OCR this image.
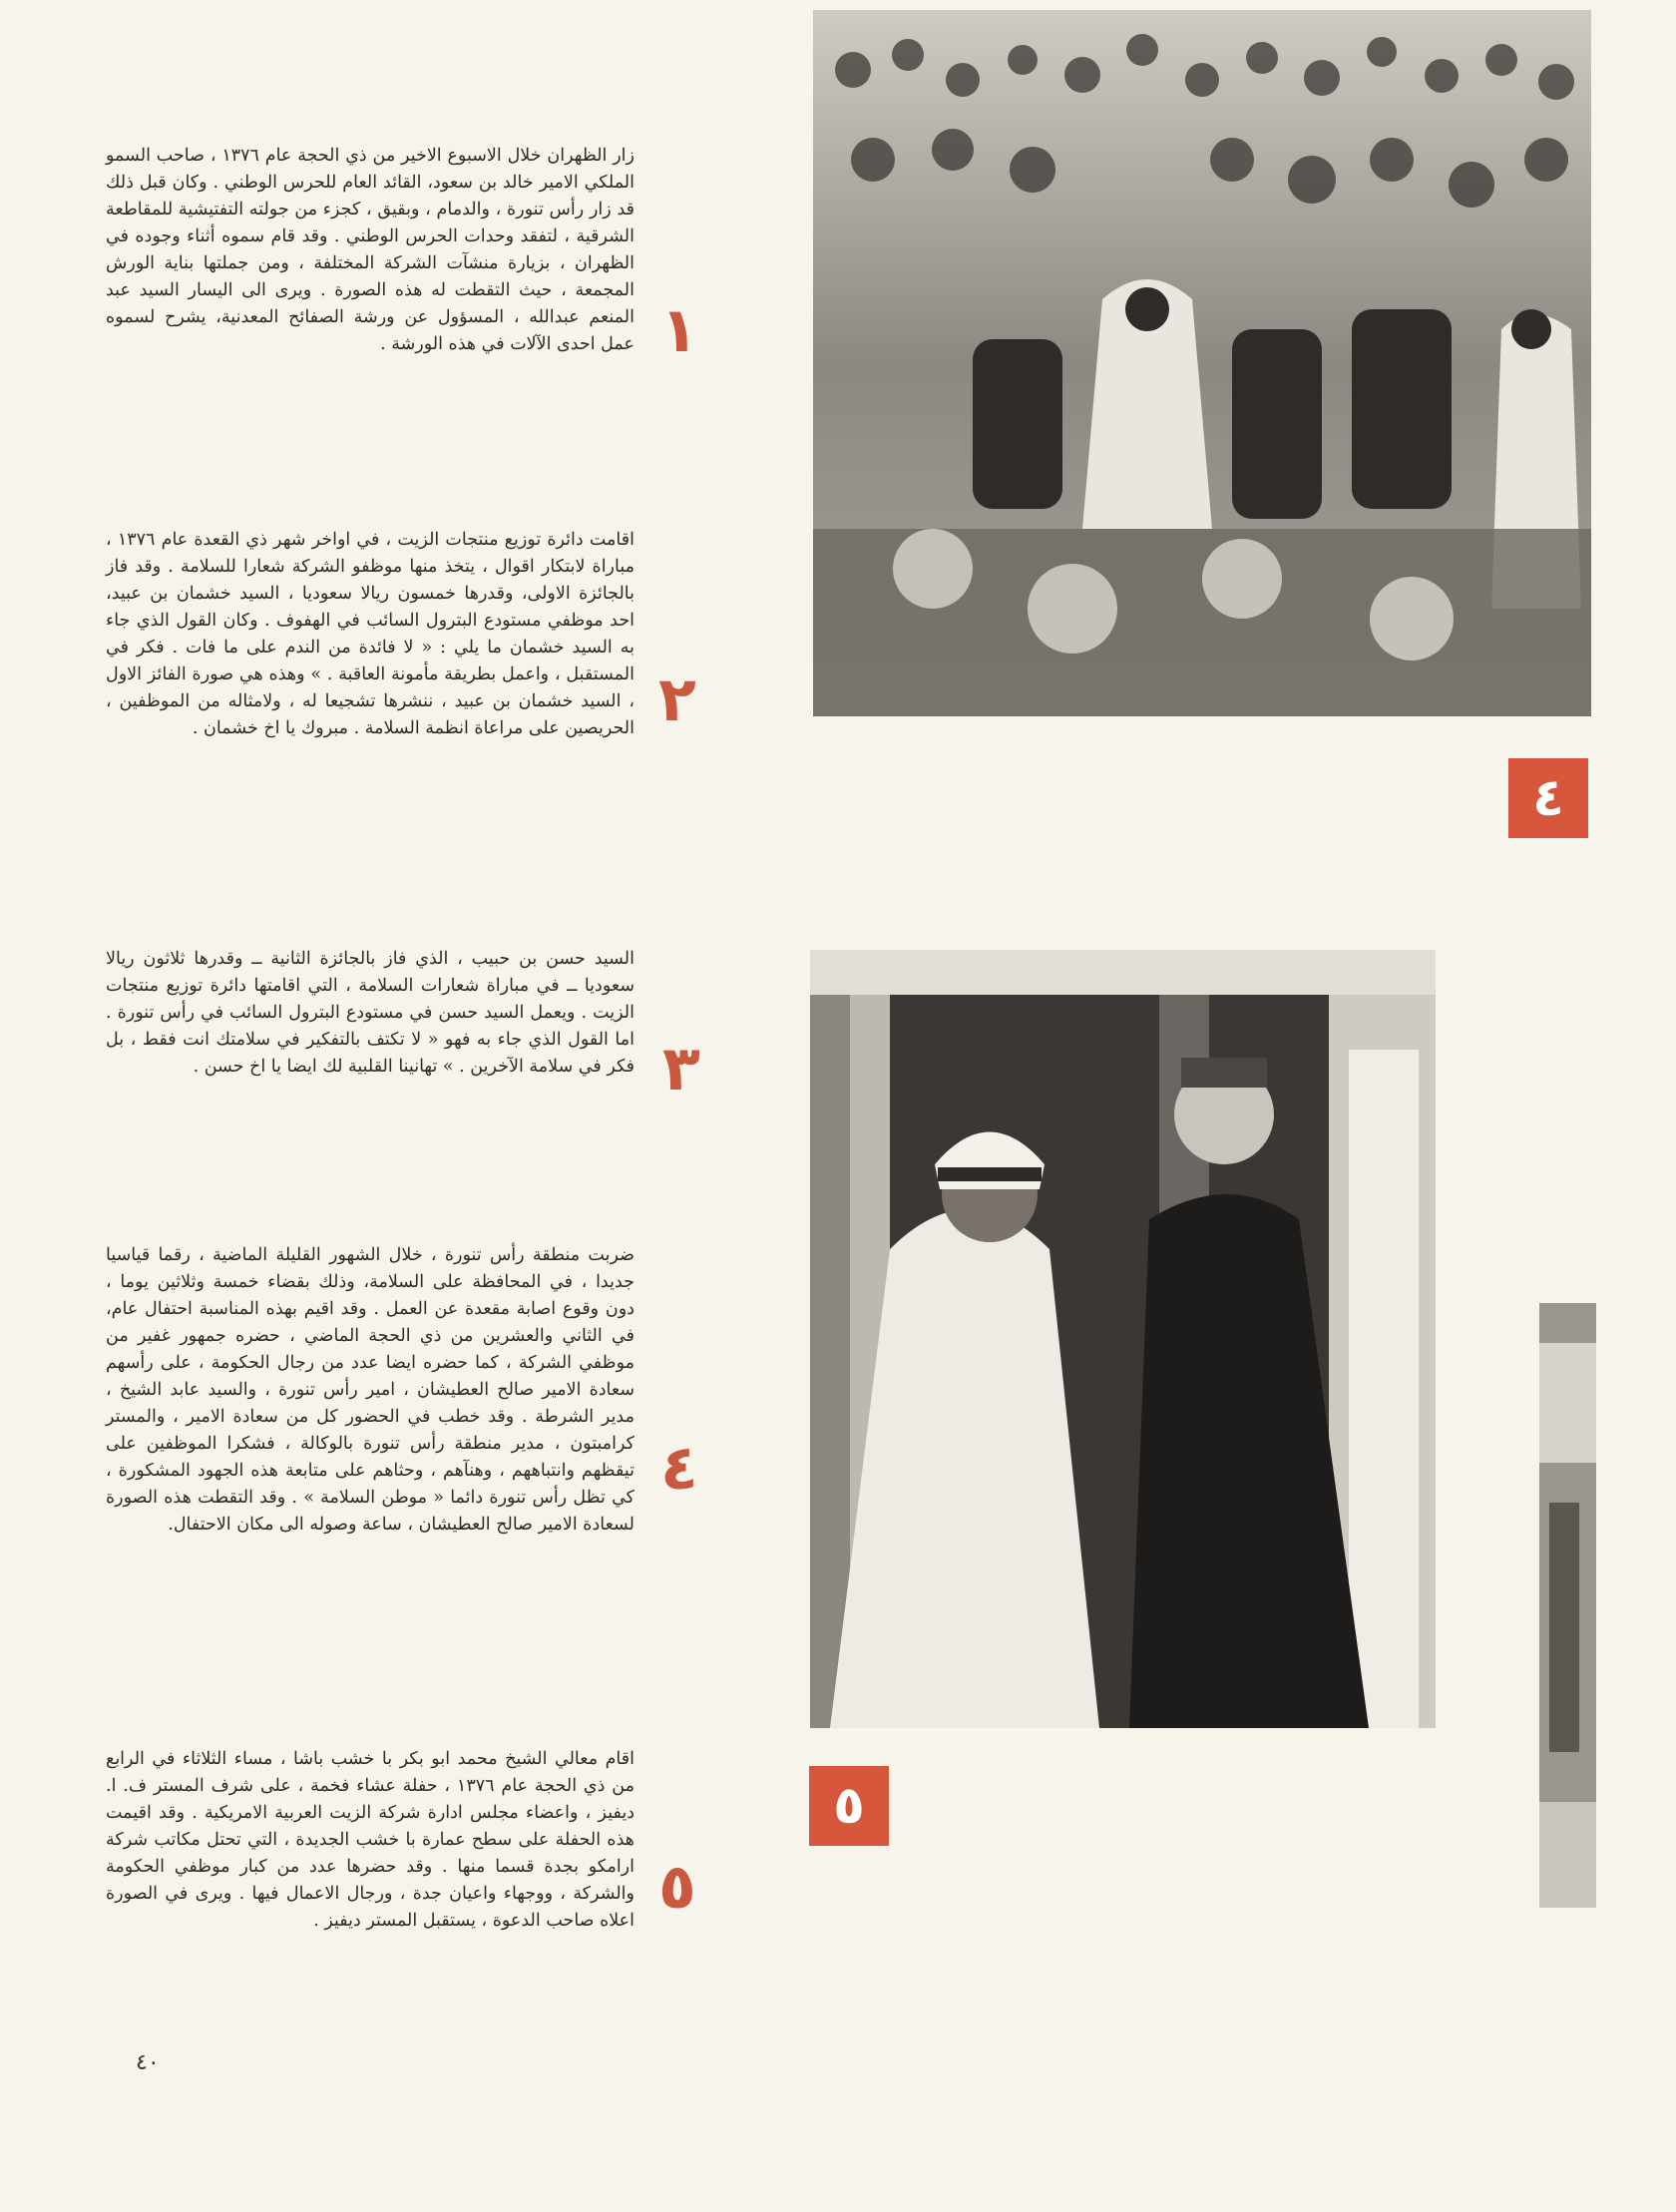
٤
٥
١

زار الظهران خلال الاسبوع الاخير من ذي الحجة عام ١٣٧٦ ، صاحب السمو الملكي الامير خالد بن سعود، القائد العام للحرس الوطني . وكان قبل ذلك قد زار رأس تنورة ، والدمام ، وبقيق ، كجزء من جولته التفتيشية للمقاطعة الشرقية ، لتفقد وحدات الحرس الوطني . وقد قام سموه أثناء وجوده في الظهران ، بزيارة منشآت الشركة المختلفة ، ومن جملتها بناية الورش المجمعة ، حيث التقطت له هذه الصورة . ويرى الى اليسار السيد عبد المنعم عبدالله ، المسؤول عن ورشة الصفائح المعدنية، يشرح لسموه عمل احدى الآلات في هذه الورشة .

٢

اقامت دائرة توزيع منتجات الزيت ، في اواخر شهر ذي القعدة عام ١٣٧٦ ، مباراة لابتكار اقوال ، يتخذ منها موظفو الشركة شعارا للسلامة . وقد فاز بالجائزة الاولى، وقدرها خمسون ريالا سعوديا ، السيد خشمان بن عبيد، احد موظفي مستودع البترول السائب في الهفوف . وكان القول الذي جاء به السيد خشمان ما يلي : « لا فائدة من الندم على ما فات . فكر في المستقبل ، واعمل بطريقة مأمونة العاقبة . » وهذه هي صورة الفائز الاول ، السيد خشمان بن عبيد ، ننشرها تشجيعا له ، ولامثاله من الموظفين ، الحريصين على مراعاة انظمة السلامة . مبروك يا اخ خشمان .

٣

السيد حسن بن حبيب ، الذي فاز بالجائزة الثانية ــ وقدرها ثلاثون ريالا سعوديا ــ في مباراة شعارات السلامة ، التي اقامتها دائرة توزيع منتجات الزيت . ويعمل السيد حسن في مستودع البترول السائب في رأس تنورة . اما القول الذي جاء به فهو « لا تكتف بالتفكير في سلامتك انت فقط ، بل فكر في سلامة الآخرين . » تهانينا القلبية لك ايضا يا اخ حسن .

٤

ضربت منطقة رأس تنورة ، خلال الشهور القليلة الماضية ، رقما قياسيا جديدا ، في المحافظة على السلامة، وذلك بقضاء خمسة وثلاثين يوما ، دون وقوع اصابة مقعدة عن العمل . وقد اقيم بهذه المناسبة احتفال عام، في الثاني والعشرين من ذي الحجة الماضي ، حضره جمهور غفير من موظفي الشركة ، كما حضره ايضا عدد من رجال الحكومة ، على رأسهم سعادة الامير صالح العطيشان ، امير رأس تنورة ، والسيد عابد الشيخ ، مدير الشرطة . وقد خطب في الحضور كل من سعادة الامير ، والمستر كرامبتون ، مدير منطقة رأس تنورة بالوكالة ، فشكرا الموظفين على تيقظهم وانتباههم ، وهنآهم ، وحثاهم على متابعة هذه الجهود المشكورة ، كي تظل رأس تنورة دائما « موطن السلامة » . وقد التقطت هذه الصورة لسعادة الامير صالح العطيشان ، ساعة وصوله الى مكان الاحتفال.

٥

اقام معالي الشيخ محمد ابو بكر با خشب باشا ، مساء الثلاثاء في الرابع من ذي الحجة عام ١٣٧٦ ، حفلة عشاء فخمة ، على شرف المستر ف. ا. ديفيز ، واعضاء مجلس ادارة شركة الزيت العربية الامريكية . وقد اقيمت هذه الحفلة على سطح عمارة با خشب الجديدة ، التي تحتل مكاتب شركة ارامكو بجدة قسما منها . وقد حضرها عدد من كبار موظفي الحكومة والشركة ، ووجهاء واعيان جدة ، ورجال الاعمال فيها . ويرى في الصورة اعلاه صاحب الدعوة ، يستقبل المستر ديفيز .

٤٠
